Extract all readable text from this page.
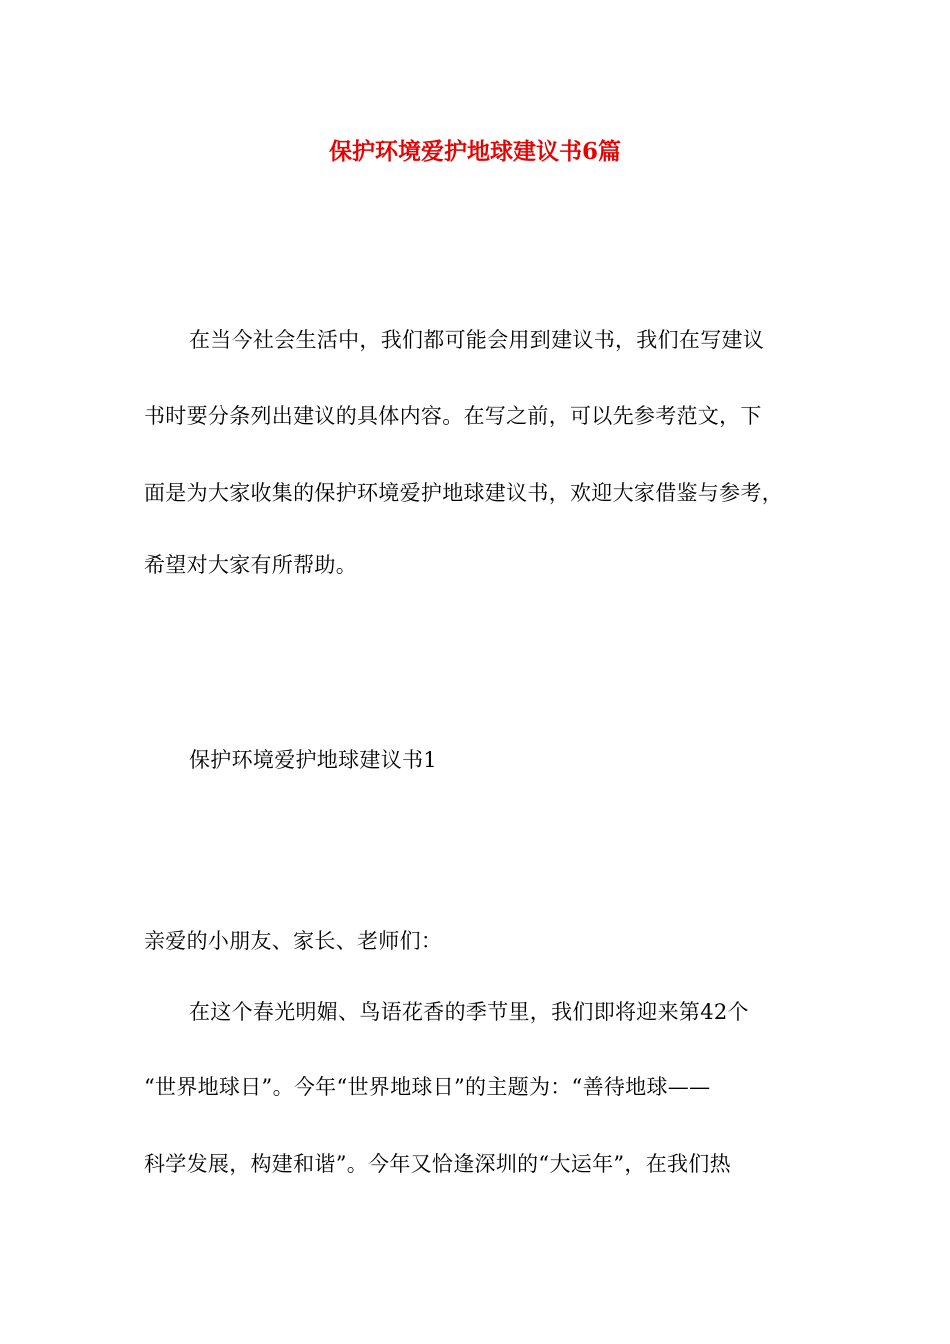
保护环境爱护地球建议书6篇
在当今社会生活中，我们都可能会用到建议书，我们在写建议
书时要分条列出建议的具体内容。在写之前，可以先参考范文，下
面是为大家收集的保护环境爱护地球建议书，欢迎大家借鉴与参考，
希望对大家有所帮助。
保护环境爱护地球建议书1
亲爱的小朋友、家长、老师们：
在这个春光明媚、鸟语花香的季节里，我们即将迎来第42个
“世界地球日”。今年“世界地球日”的主题为：“善待地球——
科学发展，构建和谐”。今年又恰逢深圳的“大运年”，在我们热
